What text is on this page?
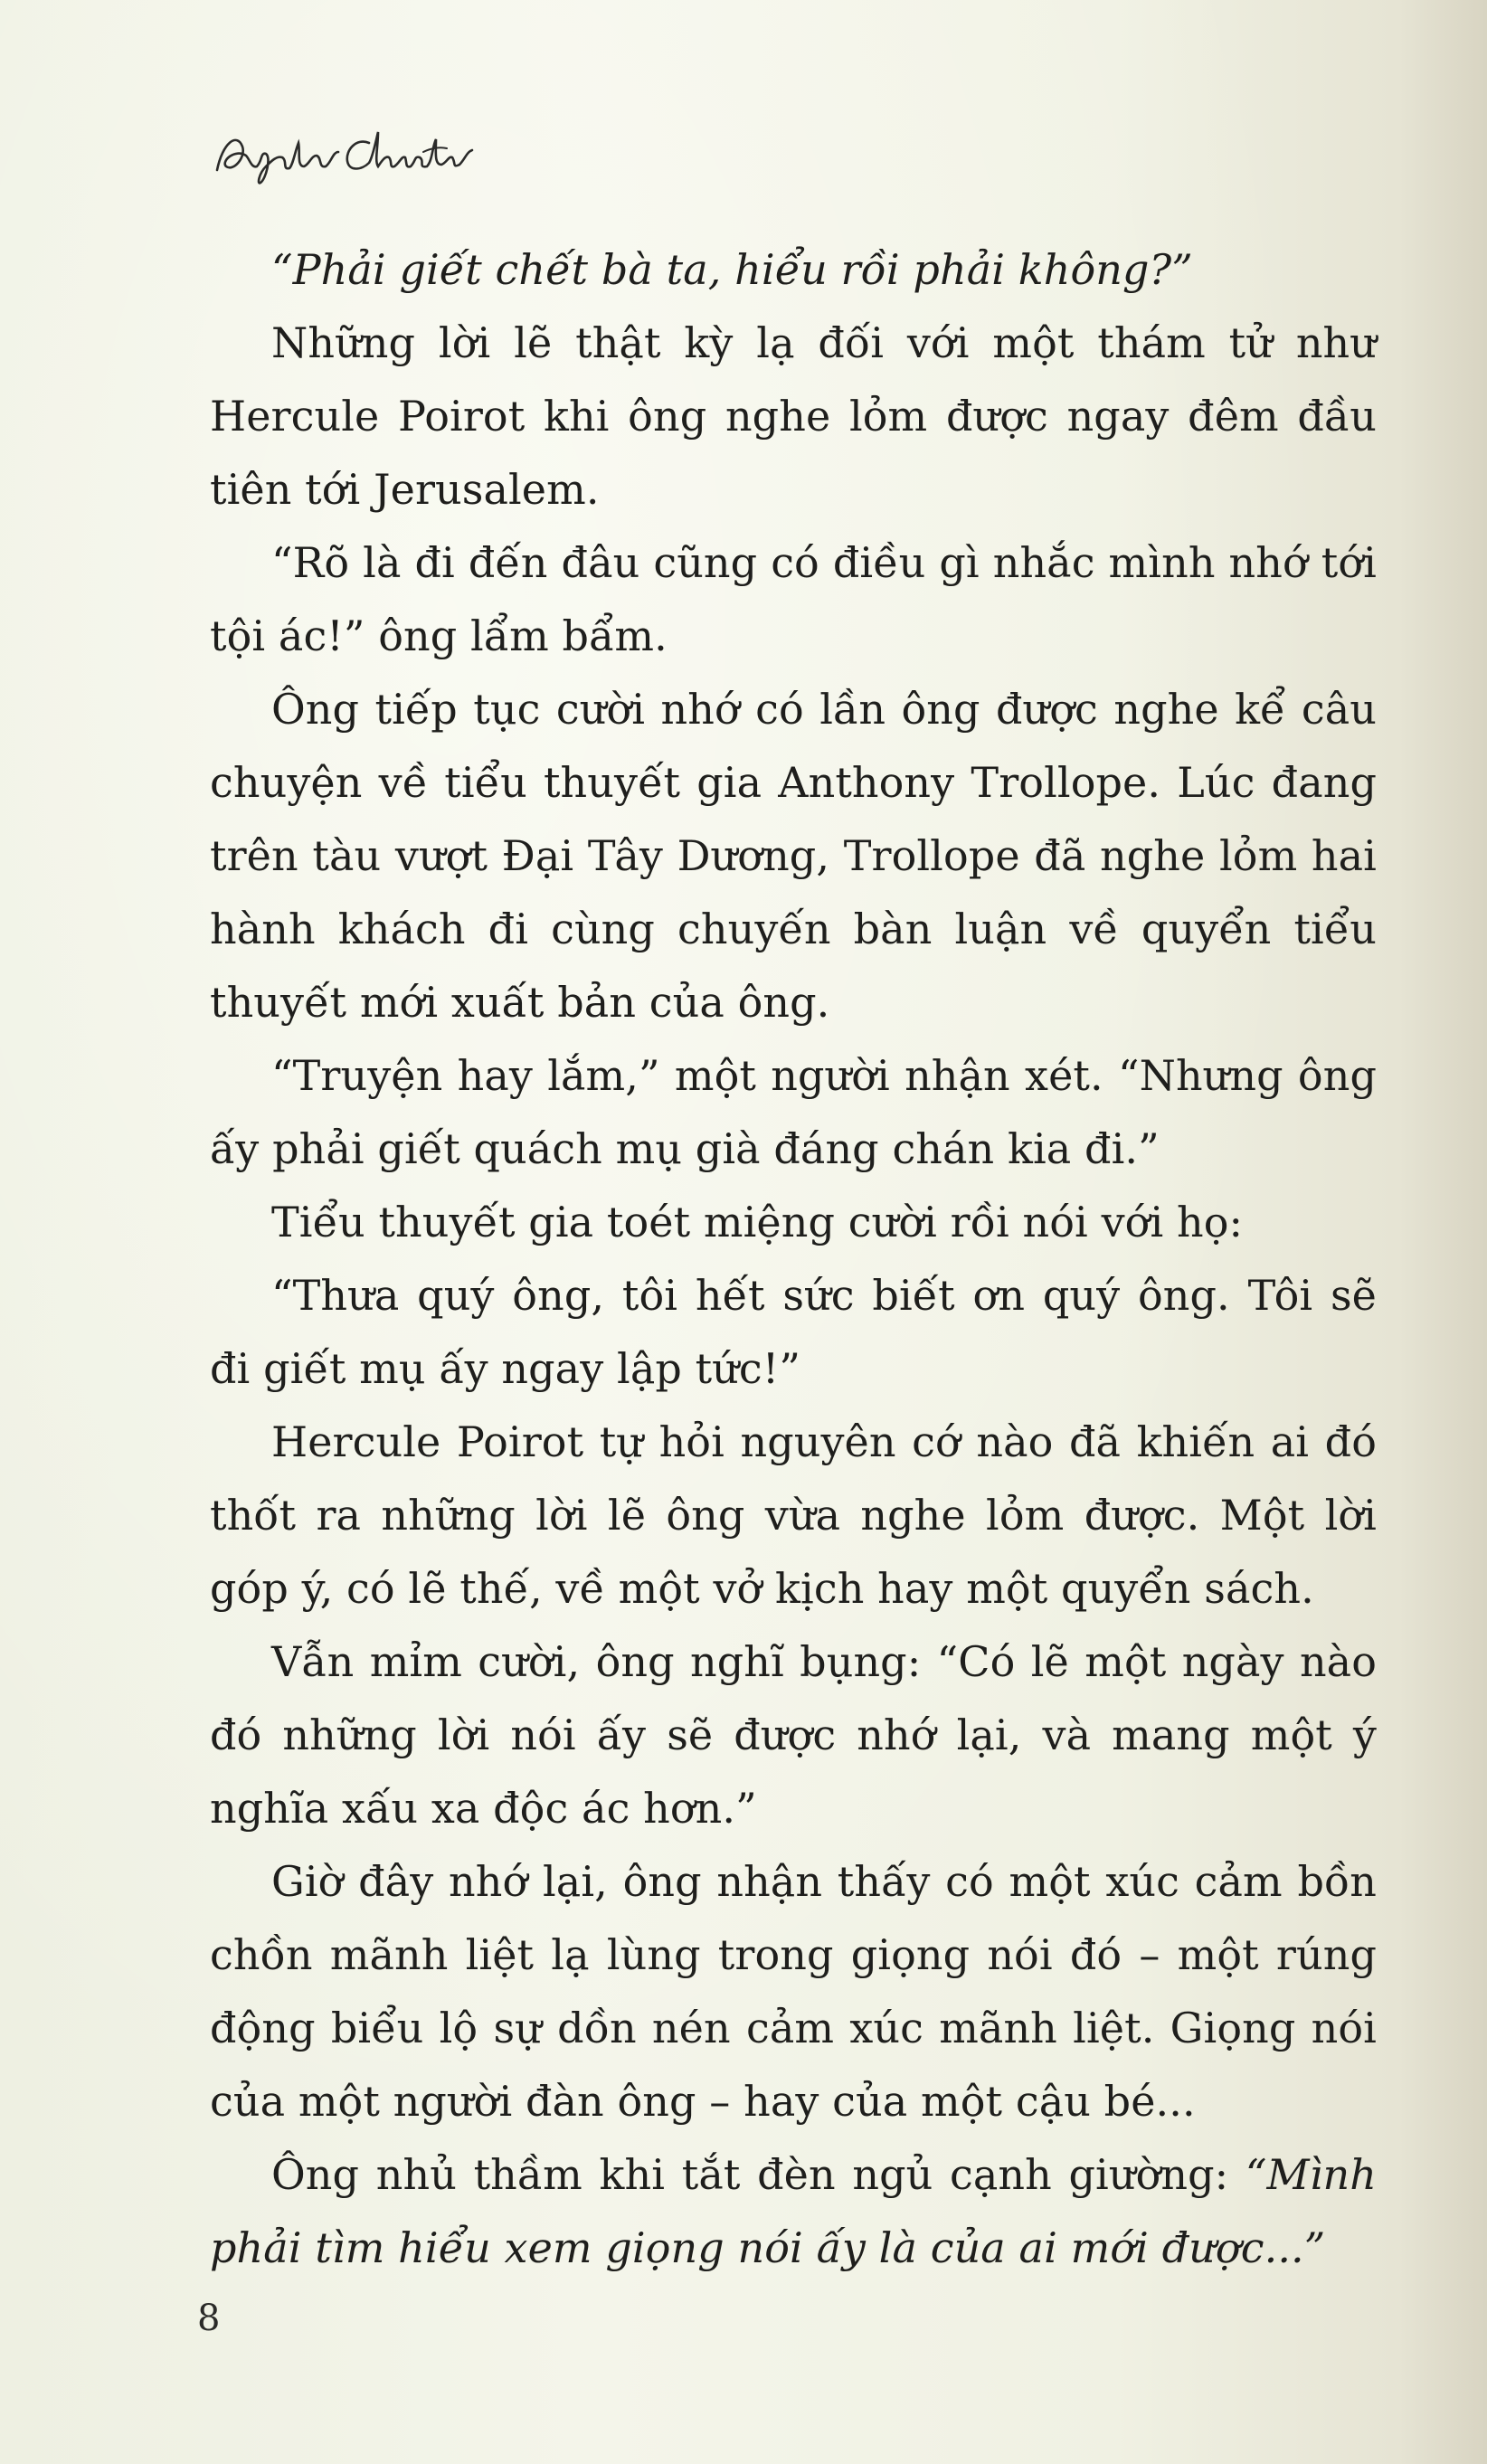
“Phải giết chết bà ta, hiểu rồi phải không?”

Những lời lẽ thật kỳ lạ đối với một thám tử như Hercule Poirot khi ông nghe lỏm được ngay đêm đầu tiên tới Jerusalem.

“Rõ là đi đến đâu cũng có điều gì nhắc mình nhớ tới tội ác!” ông lẩm bẩm.

Ông tiếp tục cười nhớ có lần ông được nghe kể câu chuyện về tiểu thuyết gia Anthony Trollope. Lúc đang trên tàu vượt Đại Tây Dương, Trollope đã nghe lỏm hai hành khách đi cùng chuyến bàn luận về quyển tiểu thuyết mới xuất bản của ông.

“Truyện hay lắm,” một người nhận xét. “Nhưng ông ấy phải giết quách mụ già đáng chán kia đi.”

Tiểu thuyết gia toét miệng cười rồi nói với họ:

“Thưa quý ông, tôi hết sức biết ơn quý ông. Tôi sẽ đi giết mụ ấy ngay lập tức!”

Hercule Poirot tự hỏi nguyên cớ nào đã khiến ai đó thốt ra những lời lẽ ông vừa nghe lỏm được. Một lời góp ý, có lẽ thế, về một vở kịch hay một quyển sách.

Vẫn mỉm cười, ông nghĩ bụng: “Có lẽ một ngày nào đó những lời nói ấy sẽ được nhớ lại, và mang một ý nghĩa xấu xa độc ác hơn.”

Giờ đây nhớ lại, ông nhận thấy có một xúc cảm bồn chồn mãnh liệt lạ lùng trong giọng nói đó – một rúng động biểu lộ sự dồn nén cảm xúc mãnh liệt. Giọng nói của một người đàn ông – hay của một cậu bé...

Ông nhủ thầm khi tắt đèn ngủ cạnh giường: “Mình phải tìm hiểu xem giọng nói ấy là của ai mới được...”

8
